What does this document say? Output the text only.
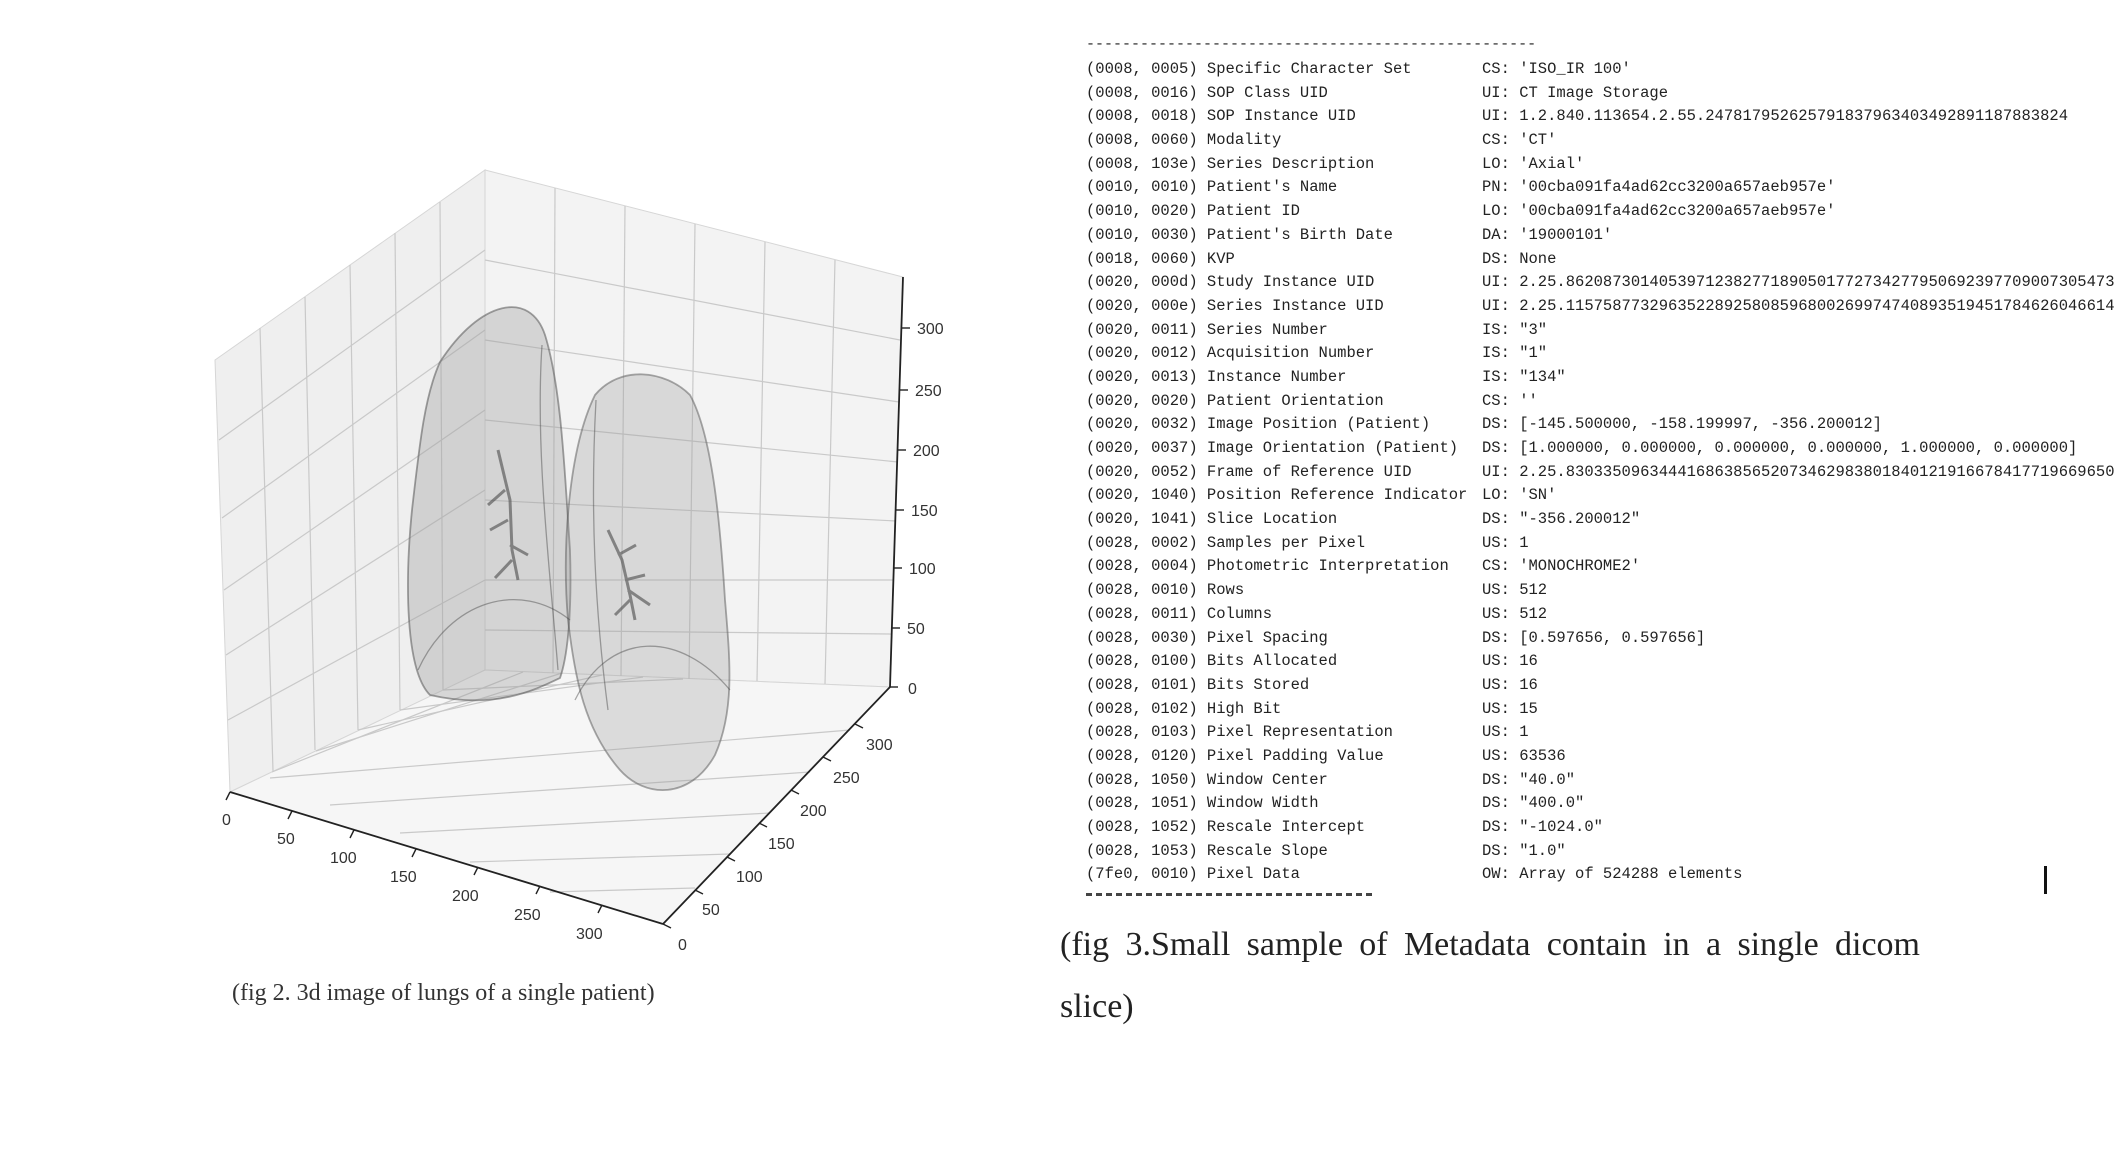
300
250
200
150
100
50
0
0
50
100
150
200
250
300
0
50
100
150
200
250
300
(fig 2. 3d image of lungs of a single patient)
--------------------------------------------------
(0008, 0005) Specific Character Set	CS: 'ISO_IR 100'
(0008, 0016) SOP Class UID	UI: CT Image Storage
(0008, 0018) SOP Instance UID	UI: 1.2.840.113654.2.55.247817952625791837963403492891187883824
(0008, 0060) Modality	CS: 'CT'
(0008, 103e) Series Description	LO: 'Axial'
(0010, 0010) Patient's Name	PN: '00cba091fa4ad62cc3200a657aeb957e'
(0010, 0020) Patient ID	LO: '00cba091fa4ad62cc3200a657aeb957e'
(0010, 0030) Patient's Birth Date	DA: '19000101'
(0018, 0060) KVP	DS: None
(0020, 000d) Study Instance UID	UI: 2.25.86208730140539712382771890501772734277950692397709007305473
(0020, 000e) Series Instance UID	UI: 2.25.11575877329635228925808596800269974740893519451784626046614
(0020, 0011) Series Number	IS: "3"
(0020, 0012) Acquisition Number	IS: "1"
(0020, 0013) Instance Number	IS: "134"
(0020, 0020) Patient Orientation	CS: ''
(0020, 0032) Image Position (Patient)	DS: [-145.500000, -158.199997, -356.200012]
(0020, 0037) Image Orientation (Patient)	DS: [1.000000, 0.000000, 0.000000, 0.000000, 1.000000, 0.000000]
(0020, 0052) Frame of Reference UID	UI: 2.25.83033509634441686385652073462983801840121916678417719669650
(0020, 1040) Position Reference Indicator LO: 'SN'
(0020, 1041) Slice Location	DS: "-356.200012"
(0028, 0002) Samples per Pixel	US: 1
(0028, 0004) Photometric Interpretation	CS: 'MONOCHROME2'
(0028, 0010) Rows	US: 512
(0028, 0011) Columns	US: 512
(0028, 0030) Pixel Spacing	DS: [0.597656, 0.597656]
(0028, 0100) Bits Allocated	US: 16
(0028, 0101) Bits Stored	US: 16
(0028, 0102) High Bit	US: 15
(0028, 0103) Pixel Representation	US: 1
(0028, 0120) Pixel Padding Value	US: 63536
(0028, 1050) Window Center	DS: "40.0"
(0028, 1051) Window Width	DS: "400.0"
(0028, 1052) Rescale Intercept	DS: "-1024.0"
(0028, 1053) Rescale Slope	DS: "1.0"
(7fe0, 0010) Pixel Data	OW: Array of 524288 elements
(fig 3.Small sample of Metadata contain in a single dicom slice)
